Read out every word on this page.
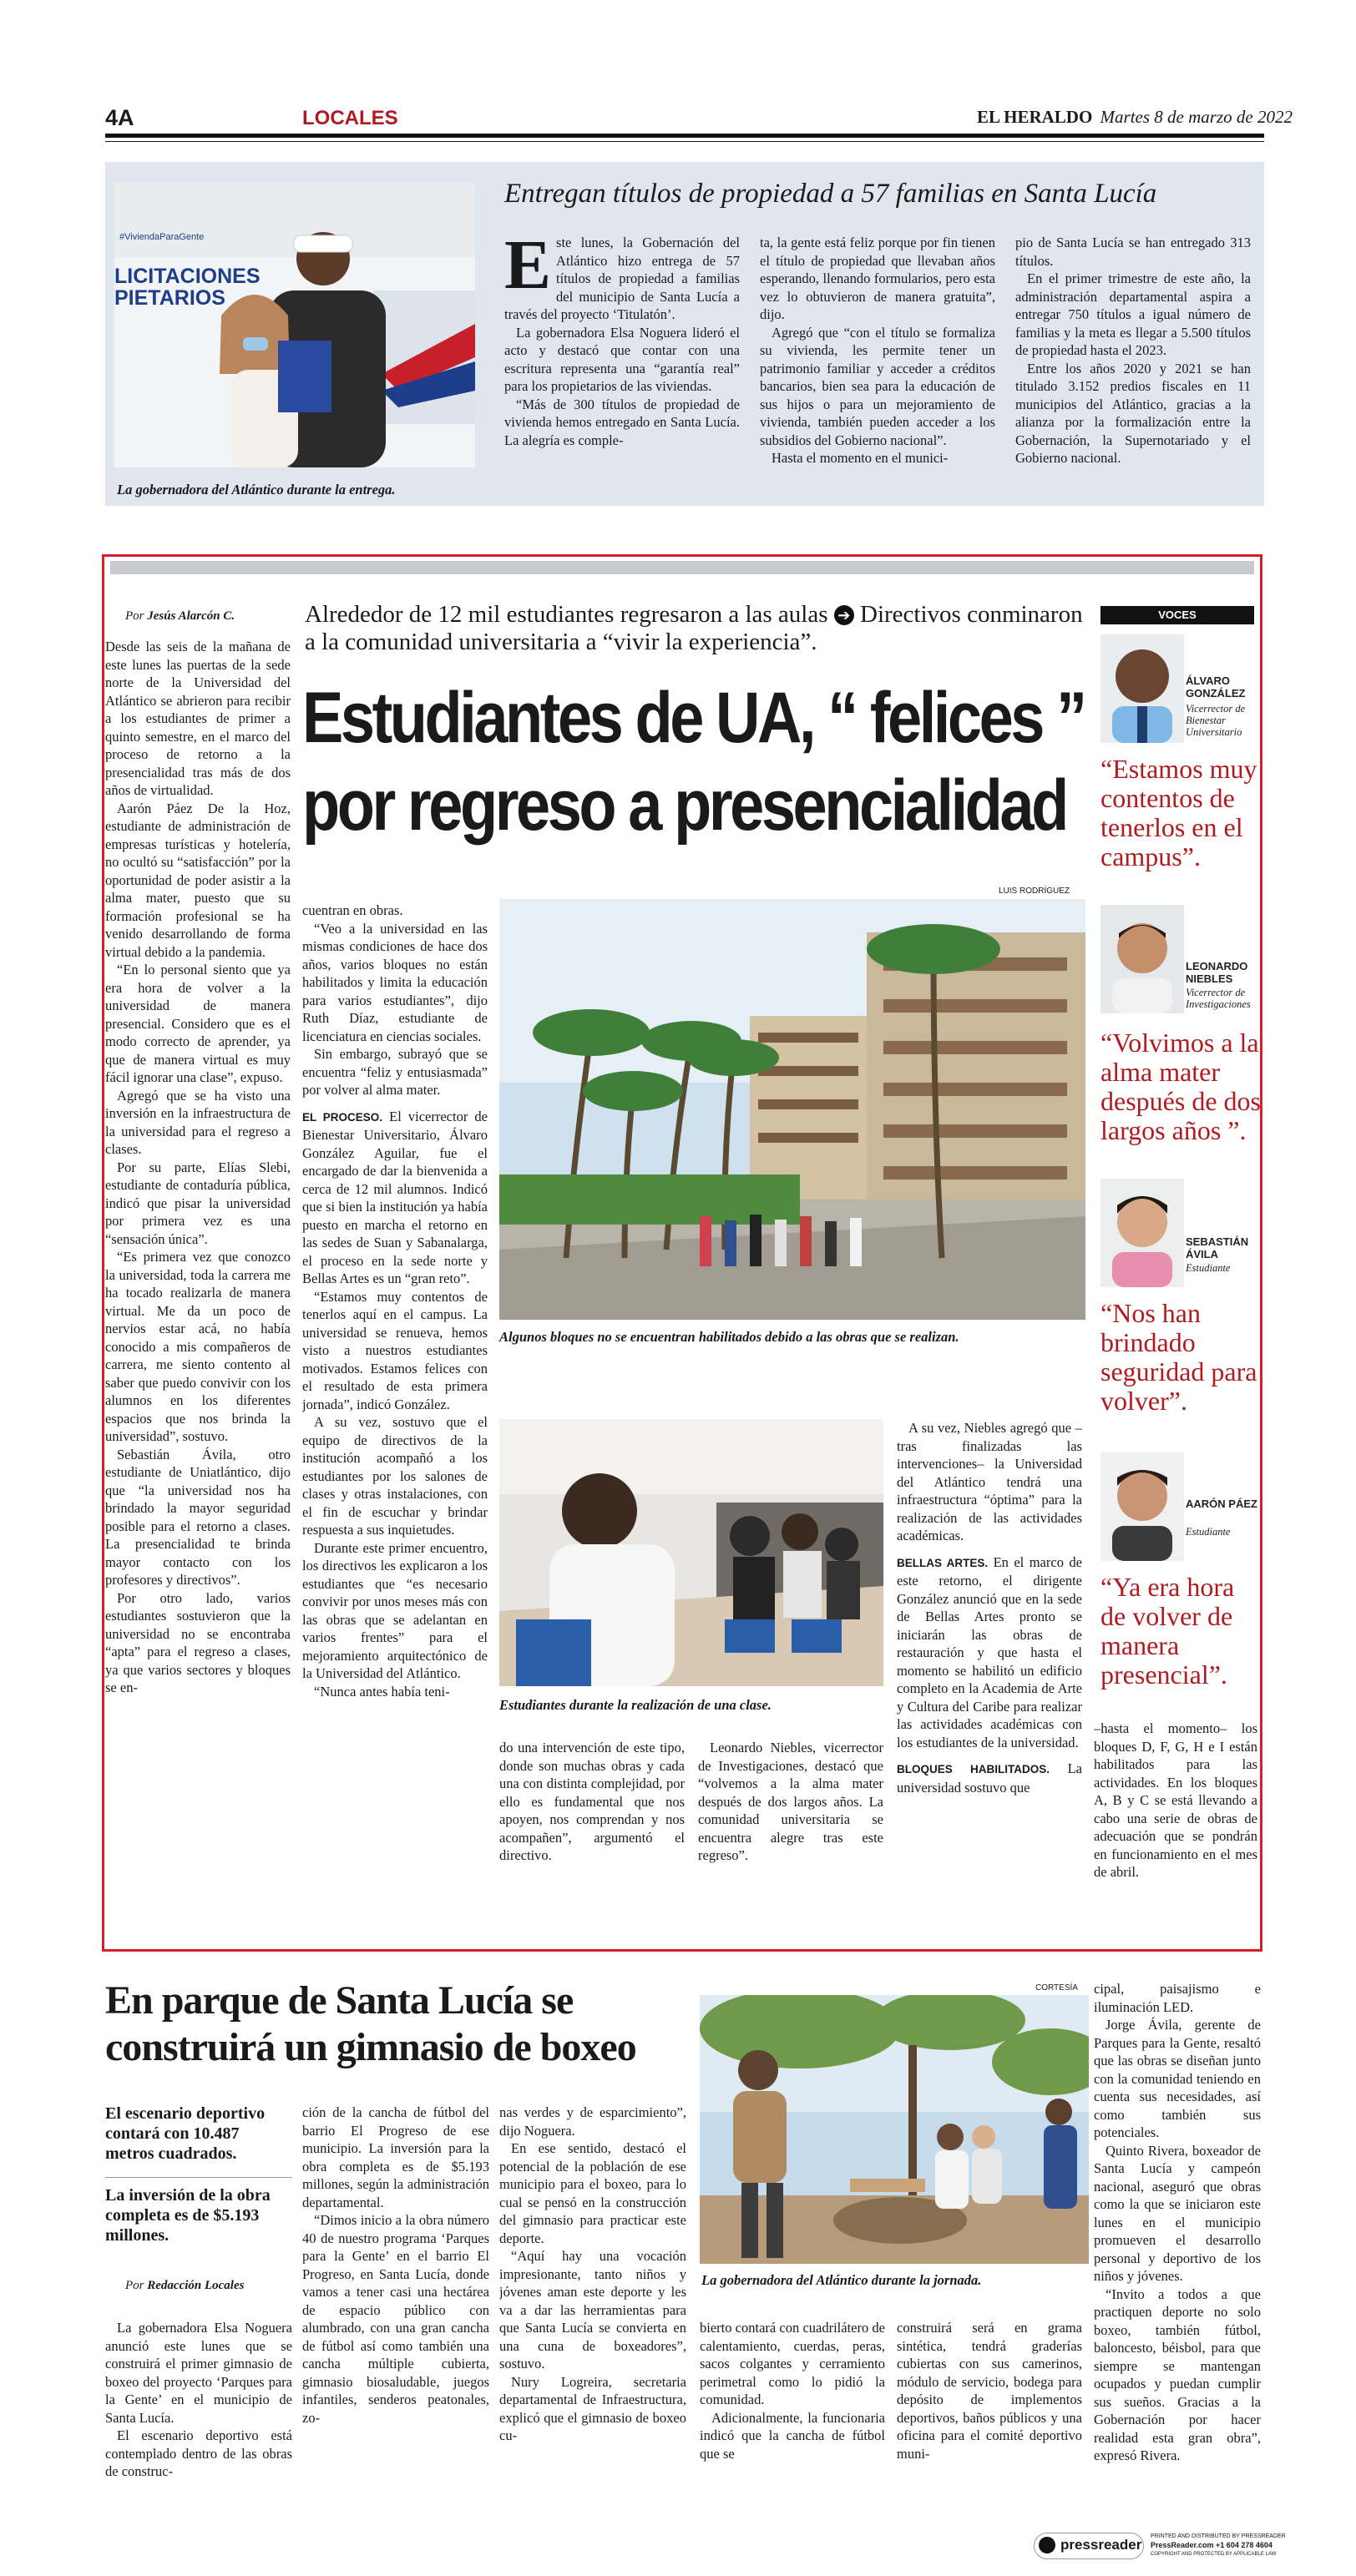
4A	LOCALES	EL HERALDO Martes 8 de marzo de 2022
#ViviendaParaGente
LICITACIONES
PIETARIOS
La gobernadora del Atlántico durante la entrega.
Entregan títulos de propiedad a 57 familias en Santa Lucía
E ste lunes, la Gobernación del Atlántico hizo entrega de 57 títulos de propiedad a familias del municipio de Santa Lucía a través del proyecto ‘Titulatón’.

La gobernadora Elsa Noguera lideró el acto y destacó que contar con una escritura representa una “garantía real” para los propietarios de las viviendas.

“Más de 300 títulos de propiedad de vivienda hemos entregado en Santa Lucía. La alegría es comple-

ta, la gente está feliz porque por fin tienen el título de propiedad que llevaban años esperando, llenando formularios, pero esta vez lo obtuvieron de manera gratuita”, dijo.

Agregó que “con el título se formaliza su vivienda, les permite tener un patrimonio familiar y acceder a créditos bancarios, bien sea para la educación de sus hijos o para un mejoramiento de vivienda, también pueden acceder a los subsidios del Gobierno nacional”.

Hasta el momento en el munici-

pio de Santa Lucía se han entregado 313 títulos.

En el primer trimestre de este año, la administración departamental aspira a entregar 750 títulos a igual número de familias y la meta es llegar a 5.500 títulos de propiedad hasta el 2023.

Entre los años 2020 y 2021 se han titulado 3.152 predios fiscales en 11 municipios del Atlántico, gracias a la alianza por la formalización entre la Gobernación, la Supernotariado y el Gobierno nacional.

Por Jesús Alarcón C.	Alrededor de 12 mil estudiantes regresaron a las aulas ➔ Directivos conminaron a la comunidad universitaria a “vivir la experiencia”.
Estudiantes de UA, “ felices ”
por regreso a presencialidad

Desde las seis de la mañana de este lunes las puertas de la sede norte de la Universidad del Atlántico se abrieron para recibir a los estudiantes de primer a quinto semestre, en el marco del proceso de retorno a la presencialidad tras más de dos años de virtualidad.

Aarón Páez De la Hoz, estudiante de administración de empresas turísticas y hotelería, no ocultó su “satisfacción” por la oportunidad de poder asistir a la alma mater, puesto que su formación profesional se ha venido desarrollando de forma virtual debido a la pandemia.

“En lo personal siento que ya era hora de volver a la universidad de manera presencial. Considero que es el modo correcto de aprender, ya que de manera virtual es muy fácil ignorar una clase”, expuso.

Agregó que se ha visto una inversión en la infraestructura de la universidad para el regreso a clases.

Por su parte, Elías Slebi, estudiante de contaduría pública, indicó que pisar la universidad por primera vez es una “sensación única”.

“Es primera vez que conozco la universidad, toda la carrera me ha tocado realizarla de manera virtual. Me da un poco de nervios estar acá, no había conocido a mis compañeros de carrera, me siento contento al saber que puedo convivir con los alumnos en los diferentes espacios que nos brinda la universidad”, sostuvo.

Sebastián Ávila, otro estudiante de Uniatlántico, dijo que “la universidad nos ha brindado la mayor seguridad posible para el retorno a clases. La presencialidad te brinda mayor contacto con los profesores y directivos”.

Por otro lado, varios estudiantes sostuvieron que la universidad no se encontraba “apta” para el regreso a clases, ya que varios sectores y bloques se en-

cuentran en obras.

“Veo a la universidad en las mismas condiciones de hace dos años, varios bloques no están habilitados y limita la educación para varios estudiantes”, dijo Ruth Díaz, estudiante de licenciatura en ciencias sociales.

Sin embargo, subrayó que se encuentra “feliz y entusiasmada” por volver al alma mater.

EL PROCESO. El vicerrector de Bienestar Universitario, Álvaro González Aguilar, fue el encargado de dar la bienvenida a cerca de 12 mil alumnos. Indicó que si bien la institución ya había puesto en marcha el retorno en las sedes de Suan y Sabanalarga, el proceso en la sede norte y Bellas Artes es un “gran reto”.

“Estamos muy contentos de tenerlos aquí en el campus. La universidad se renueva, hemos visto a nuestros estudiantes motivados. Estamos felices con el resultado de esta primera jornada”, indicó González.

A su vez, sostuvo que el equipo de directivos de la institución acompañó a los estudiantes por los salones de clases y otras instalaciones, con el fin de escuchar y brindar respuesta a sus inquietudes.

Durante este primer encuentro, los directivos les explicaron a los estudiantes que “es necesario convivir por unos meses más con las obras que se adelantan en varios frentes” para el mejoramiento arquitectónico de la Universidad del Atlántico.

“Nunca antes había teni-

LUIS RODRÍGUEZ
Algunos bloques no se encuentran habilitados debido a las obras que se realizan.
Estudiantes durante la realización de una clase.

do una intervención de este tipo, donde son muchas obras y cada una con distinta complejidad, por ello es fundamental que nos apoyen, nos comprendan y nos acompañen”, argumentó el directivo.

Leonardo Niebles, vicerrector de Investigaciones, destacó que “volvemos a la alma mater después de dos largos años. La comunidad universitaria se encuentra alegre tras este regreso”.

A su vez, Niebles agregó que –tras finalizadas las intervenciones– la Universidad del Atlántico tendrá una infraestructura “óptima” para la realización de las actividades académicas.

BELLAS ARTES. En el marco de este retorno, el dirigente González anunció que en la sede de Bellas Artes pronto se iniciarán las obras de restauración y que hasta el momento se habilitó un edificio completo en la Academia de Arte y Cultura del Caribe para realizar las actividades académicas con los estudiantes de la universidad.

BLOQUES HABILITADOS. La universidad sostuvo que

–hasta el momento– los bloques D, F, G, H e I están habilitados para las actividades. En los bloques A, B y C se está llevando a cabo una serie de obras de adecuación que se pondrán en funcionamiento en el mes de abril.

VOCES
ÁLVARO GONZÁLEZ
Vicerrector de Bienestar Universitario
“Estamos muy contentos de tenerlos en el campus”.
LEONARDO NIEBLES
Vicerrector de Investigaciones
“Volvimos a la alma mater después de dos largos años ”.
SEBASTIÁN ÁVILA
Estudiante
“Nos han brindado seguridad para volver”.
AARÓN PÁEZ
Estudiante
“Ya era hora de volver de manera presencial”.
En parque de Santa Lucía se
construirá un gimnasio de boxeo
El escenario deportivo contará con 10.487 metros cuadrados.
La inversión de la obra completa es de $5.193 millones.
Por Redacción Locales

La gobernadora Elsa Noguera anunció este lunes que se construirá el primer gimnasio de boxeo del proyecto ‘Parques para la Gente’ en el municipio de Santa Lucía.

El escenario deportivo está contemplado dentro de las obras de construc-

ción de la cancha de fútbol del barrio El Progreso de ese municipio. La inversión para la obra completa es de $5.193 millones, según la administración departamental.

“Dimos inicio a la obra número 40 de nuestro programa ‘Parques para la Gente’ en el barrio El Progreso, en Santa Lucía, donde vamos a tener casi una hectárea de espacio público con alumbrado, con una gran cancha de fútbol así como también una cancha múltiple cubierta, gimnasio biosaludable, juegos infantiles, senderos peatonales, zo-

nas verdes y de esparcimiento”, dijo Noguera.

En ese sentido, destacó el potencial de la población de ese municipio para el boxeo, para lo cual se pensó en la construcción del gimnasio para practicar este deporte.

“Aquí hay una vocación impresionante, tanto niños y jóvenes aman este deporte y les va a dar las herramientas para que Santa Lucía se convierta en una cuna de boxeadores”, sostuvo.

Nury Logreira, secretaria departamental de Infraestructura, explicó que el gimnasio de boxeo cu-

CORTESÍA
La gobernadora del Atlántico durante la jornada.

bierto contará con cuadrilátero de calentamiento, cuerdas, peras, sacos colgantes y cerramiento perimetral como lo pidió la comunidad.

Adicionalmente, la funcionaria indicó que la cancha de fútbol que se

construirá será en grama sintética, tendrá graderías cubiertas con sus camerinos, módulo de servicio, bodega para depósito de implementos deportivos, baños públicos y una oficina para el comité deportivo muni-

cipal, paisajismo e iluminación LED.

Jorge Ávila, gerente de Parques para la Gente, resaltó que las obras se diseñan junto con la comunidad teniendo en cuenta sus necesidades, así como también sus potenciales.

Quinto Rivera, boxeador de Santa Lucía y campeón nacional, aseguró que obras como la que se iniciaron este lunes en el municipio promueven el desarrollo personal y deportivo de los niños y jóvenes.

“Invito a todos a que practiquen deporte no solo boxeo, también fútbol, baloncesto, béisbol, para que siempre se mantengan ocupados y puedan cumplir sus sueños. Gracias a la Gobernación por hacer realidad esta gran obra”, expresó Rivera.

pressreader
PRINTED AND DISTRIBUTED BY PRESSREADER
PressReader.com +1 604 278 4604
COPYRIGHT AND PROTECTED BY APPLICABLE LAW
